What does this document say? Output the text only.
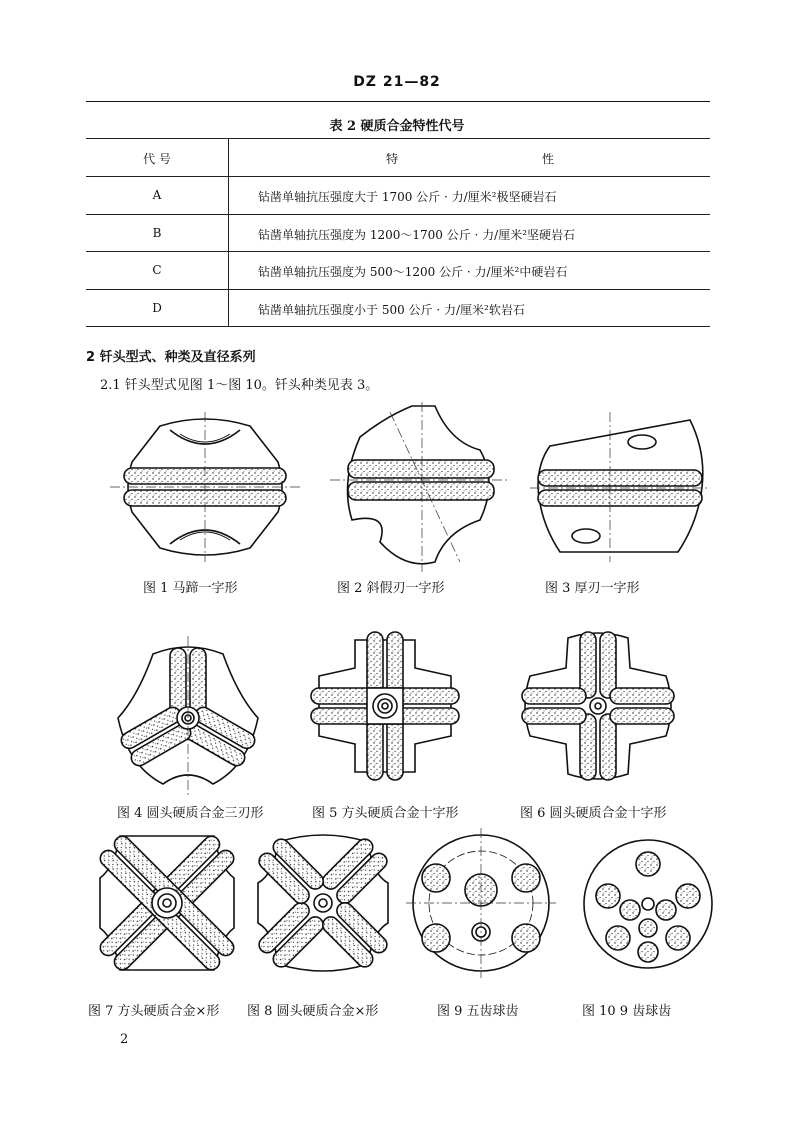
DZ 21—82
表 2 硬质合金特性代号
代 号	特	性
A	钻凿单轴抗压强度大于 1700 公斤 · 力/厘米²极坚硬岩石
B	钻凿单轴抗压强度为 1200～1700 公斤 · 力/厘米²坚硬岩石
C	钻凿单轴抗压强度为 500～1200 公斤 · 力/厘米²中硬岩石
D	钻凿单轴抗压强度小于 500 公斤 · 力/厘米²软岩石
2 钎头型式、种类及直径系列
2.1 钎头型式见图 1～图 10。钎头种类见表 3。
图 1 马蹄一字形	图 2 斜假刃一字形	图 3 厚刃一字形
图 4 圆头硬质合金三刃形	图 5 方头硬质合金十字形	图 6 圆头硬质合金十字形
图 7 方头硬质合金×形 图 8 圆头硬质合金×形	图 9 五齿球齿	图 10 9 齿球齿
2
